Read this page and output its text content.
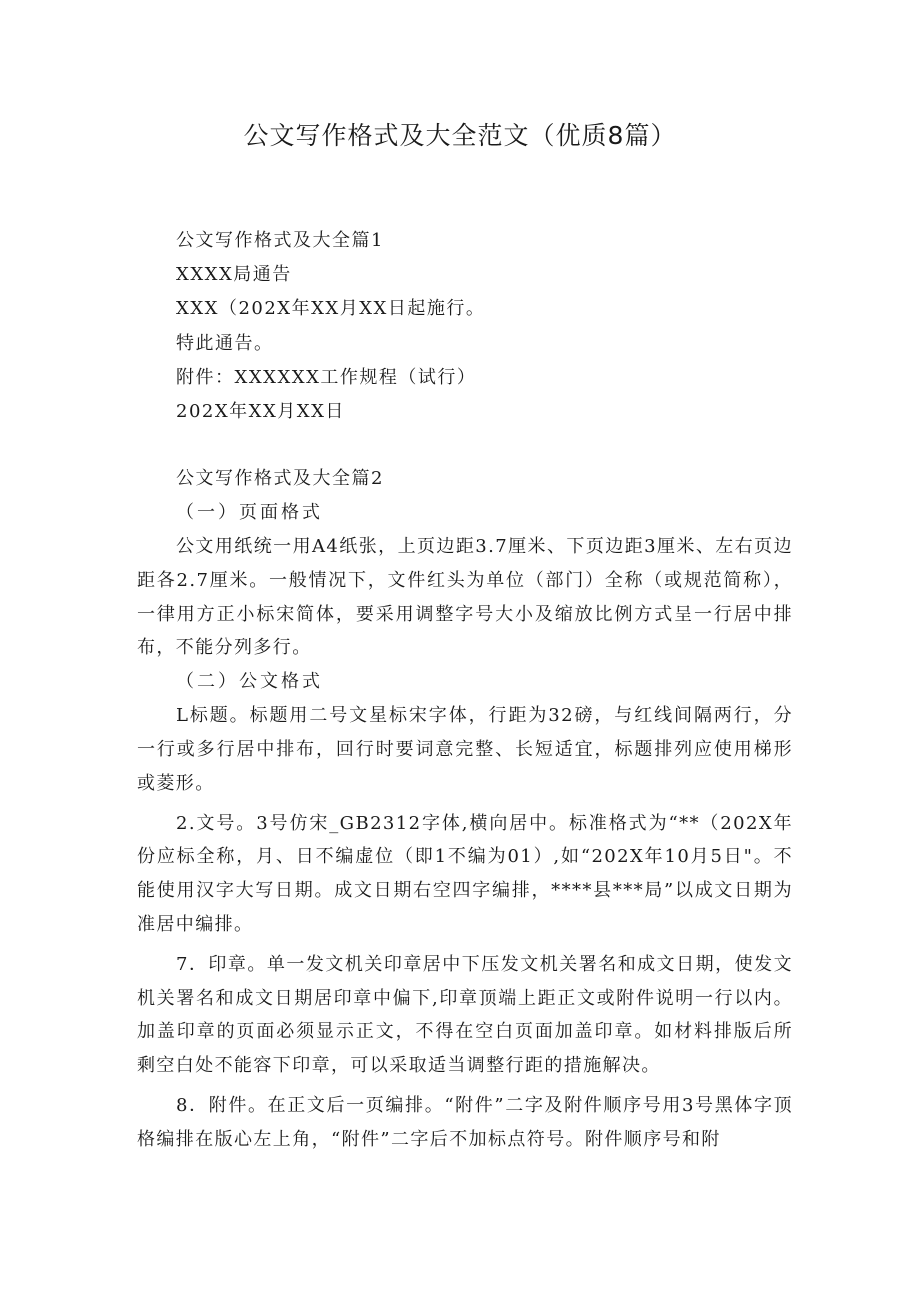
公文写作格式及大全范文（优质8篇）
公文写作格式及大全篇1
XXXX局通告
XXX（202X年XX月XX日起施行。
特此通告。
附件：XXXXXX工作规程（试行）
202X年XX月XX日
公文写作格式及大全篇2
（一）页面格式

公文用纸统一用A4纸张，上页边距3.7厘米、下页边距3厘米、左右页边距各2.7厘米。一般情况下，文件红头为单位（部门）全称（或规范简称），一律用方正小标宋简体，要采用调整字号大小及缩放比例方式呈一行居中排布，不能分列多行。

（二）公文格式

L标题。标题用二号文星标宋字体，行距为32磅，与红线间隔两行，分一行或多行居中排布，回行时要词意完整、长短适宜，标题排列应使用梯形或菱形。

2.文号。3号仿宋_GB2312字体,横向居中。标准格式为“**（202X年份应标全称，月、日不编虚位（即1不编为01）,如“202X年10月5日"。不能使用汉字大写日期。成文日期右空四字编排，****县***局”以成文日期为准居中编排。

7．印章。单一发文机关印章居中下压发文机关署名和成文日期，使发文机关署名和成文日期居印章中偏下,印章顶端上距正文或附件说明一行以内。加盖印章的页面必须显示正文，不得在空白页面加盖印章。如材料排版后所剩空白处不能容下印章，可以采取适当调整行距的措施解决。

8．附件。在正文后一页编排。“附件”二字及附件顺序号用3号黑体字顶格编排在版心左上角，“附件”二字后不加标点符号。附件顺序号和附
